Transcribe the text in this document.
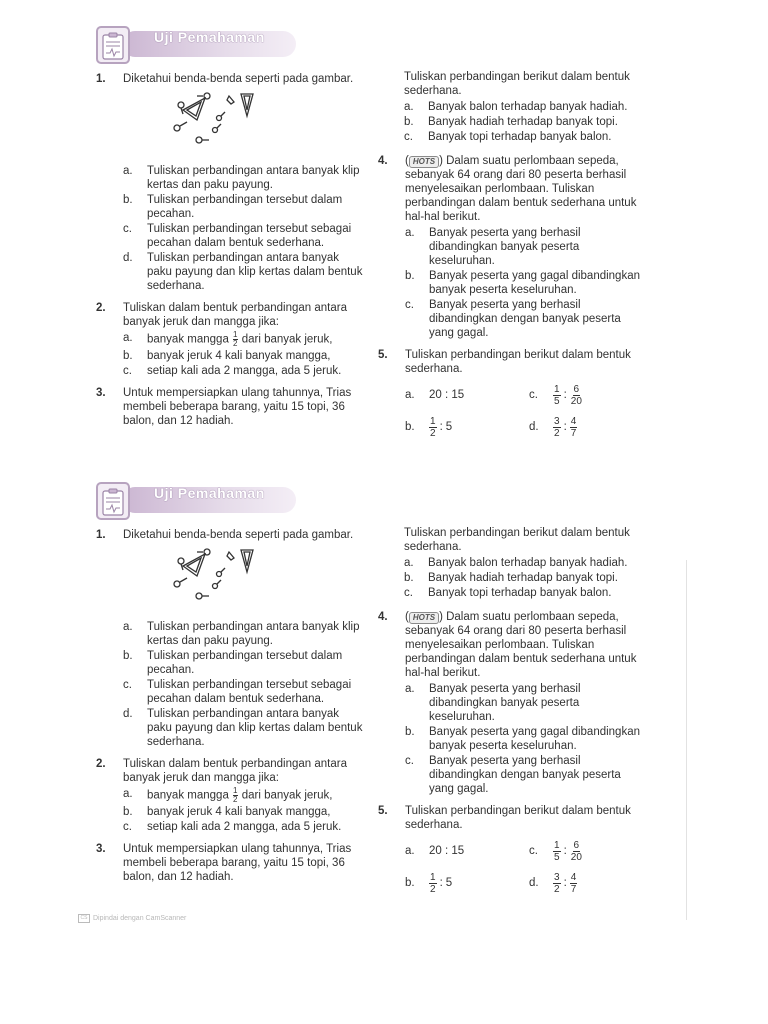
Uji Pemahaman
1. Diketahui benda-benda seperti pada gambar.
a. Tuliskan perbandingan antara banyak klip kertas dan paku payung.
b. Tuliskan perbandingan tersebut dalam pecahan.
c. Tuliskan perbandingan tersebut sebagai pecahan dalam bentuk sederhana.
d. Tuliskan perbandingan antara banyak paku payung dan klip kertas dalam bentuk sederhana.
2. Tuliskan dalam bentuk perbandingan antara banyak jeruk dan mangga jika:
a. banyak mangga $\frac{1}{2}$ dari banyak jeruk,
b. banyak jeruk 4 kali banyak mangga,
c. setiap kali ada 2 mangga, ada 5 jeruk.
3. Untuk mempersiapkan ulang tahunnya, Trias membeli beberapa barang, yaitu 15 topi, 36 balon, dan 12 hadiah.
Tuliskan perbandingan berikut dalam bentuk sederhana.
a. Banyak balon terhadap banyak hadiah.
b. Banyak hadiah terhadap banyak topi.
c. Banyak topi terhadap banyak balon.
4. ( HOTS ) Dalam suatu perlombaan sepeda, sebanyak 64 orang dari 80 peserta berhasil menyelesaikan perlombaan. Tuliskan perbandingan dalam bentuk sederhana untuk hal-hal berikut.
a. Banyak peserta yang berhasil dibandingkan banyak peserta keseluruhan.
b. Banyak peserta yang gagal dibandingkan banyak peserta keseluruhan.
c. Banyak peserta yang berhasil dibandingkan dengan banyak peserta yang gagal.
5. Tuliskan perbandingan berikut dalam bentuk sederhana.
a. 20 : 15	c. $\frac{1}{5}$ : $\frac{6}{20}$
b. $\frac{1}{2}$ : 5	d. $\frac{3}{2}$ : $\frac{4}{7}$
Uji Pemahaman
1. Diketahui benda-benda seperti pada gambar.
a. Tuliskan perbandingan antara banyak klip kertas dan paku payung.
b. Tuliskan perbandingan tersebut dalam pecahan.
c. Tuliskan perbandingan tersebut sebagai pecahan dalam bentuk sederhana.
d. Tuliskan perbandingan antara banyak paku payung dan klip kertas dalam bentuk sederhana.
2. Tuliskan dalam bentuk perbandingan antara banyak jeruk dan mangga jika:
a. banyak mangga $\frac{1}{2}$ dari banyak jeruk,
b. banyak jeruk 4 kali banyak mangga,
c. setiap kali ada 2 mangga, ada 5 jeruk.
3. Untuk mempersiapkan ulang tahunnya, Trias membeli beberapa barang, yaitu 15 topi, 36 balon, dan 12 hadiah.
Tuliskan perbandingan berikut dalam bentuk sederhana.
a. Banyak balon terhadap banyak hadiah.
b. Banyak hadiah terhadap banyak topi.
c. Banyak topi terhadap banyak balon.
4. ( HOTS ) Dalam suatu perlombaan sepeda, sebanyak 64 orang dari 80 peserta berhasil menyelesaikan perlombaan. Tuliskan perbandingan dalam bentuk sederhana untuk hal-hal berikut.
a. Banyak peserta yang berhasil dibandingkan banyak peserta keseluruhan.
b. Banyak peserta yang gagal dibandingkan banyak peserta keseluruhan.
c. Banyak peserta yang berhasil dibandingkan dengan banyak peserta yang gagal.
5. Tuliskan perbandingan berikut dalam bentuk sederhana.
a. 20 : 15	c. $\frac{1}{5}$ : $\frac{6}{20}$
b. $\frac{1}{2}$ : 5	d. $\frac{3}{2}$ : $\frac{4}{7}$
CS Dipindai dengan CamScanner
